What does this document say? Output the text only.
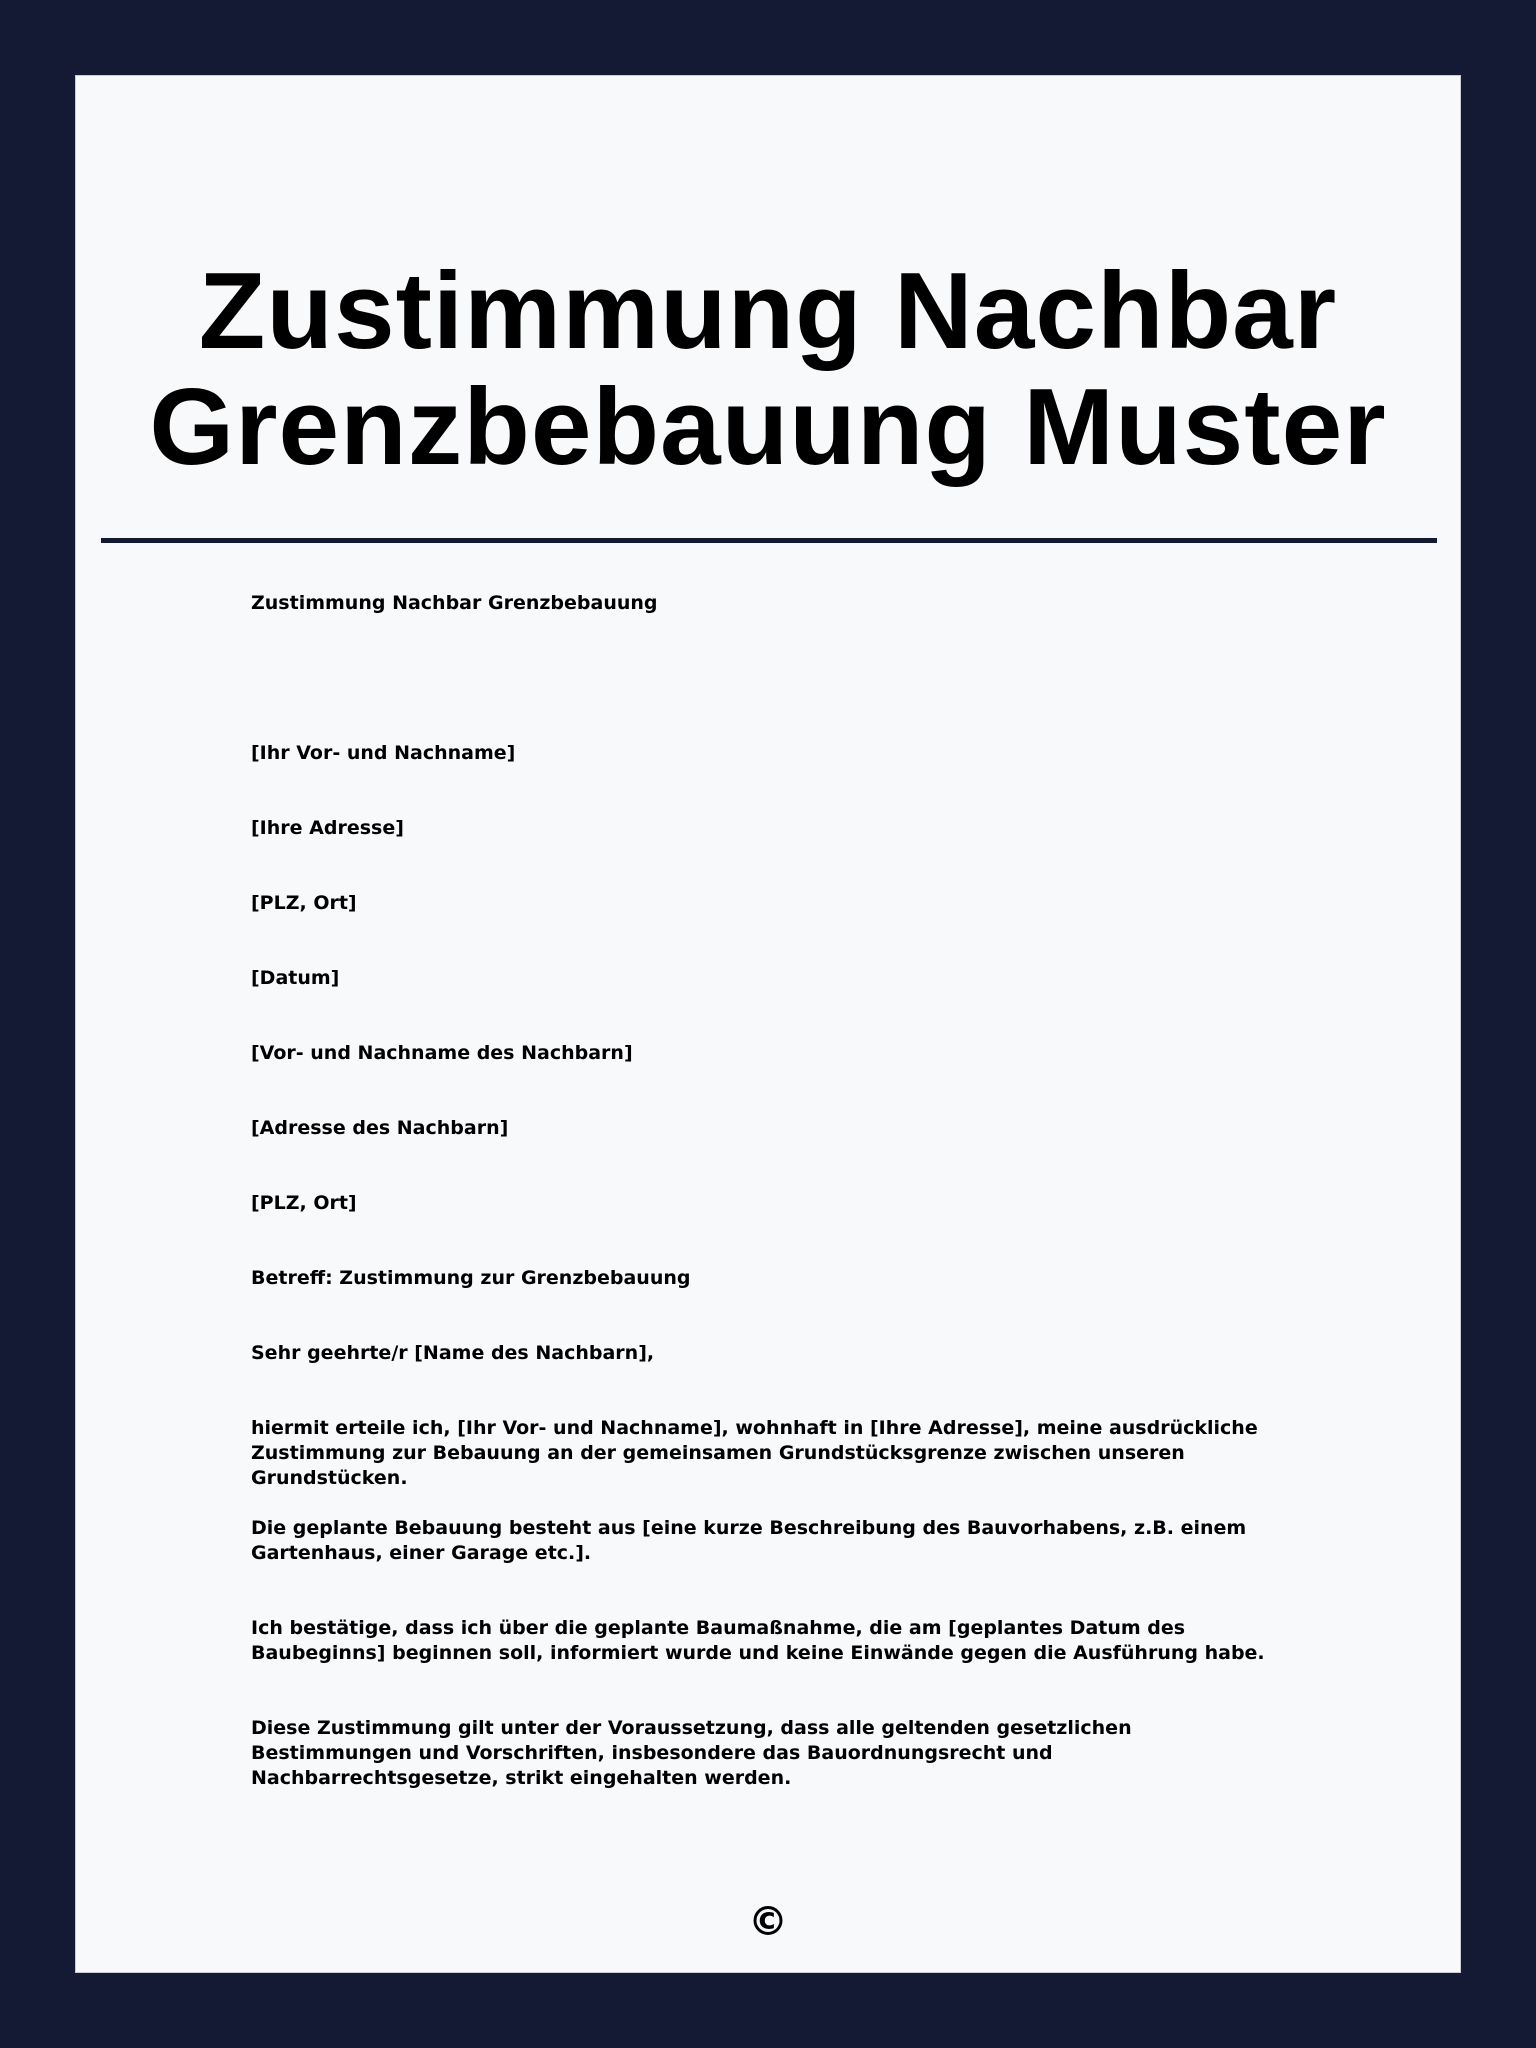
Zustimmung Nachbar
Grenzbebauung Muster

Zustimmung Nachbar Grenzbebauung

[Ihr Vor- und Nachname]

[Ihre Adresse]

[PLZ, Ort]

[Datum]

[Vor- und Nachname des Nachbarn]

[Adresse des Nachbarn]

[PLZ, Ort]

Betreff: Zustimmung zur Grenzbebauung

Sehr geehrte/r [Name des Nachbarn],

hiermit erteile ich, [Ihr Vor- und Nachname], wohnhaft in [Ihre Adresse], meine ausdrückliche Zustimmung zur Bebauung an der gemeinsamen Grundstücksgrenze zwischen unseren Grundstücken.

Die geplante Bebauung besteht aus [eine kurze Beschreibung des Bauvorhabens, z.B. einem Gartenhaus, einer Garage etc.].

Ich bestätige, dass ich über die geplante Baumaßnahme, die am [geplantes Datum des Baubeginns] beginnen soll, informiert wurde und keine Einwände gegen die Ausführung habe.

Diese Zustimmung gilt unter der Voraussetzung, dass alle geltenden gesetzlichen Bestimmungen und Vorschriften, insbesondere das Bauordnungsrecht und Nachbarrechtsgesetze, strikt eingehalten werden.

©
